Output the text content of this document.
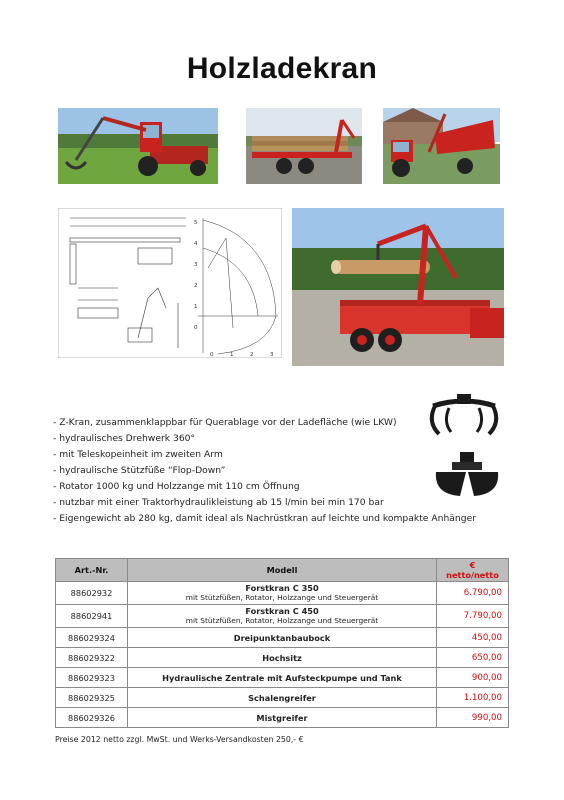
Holzladekran
5
4
3
2
1
0
0	1	2	3
- Z-Kran, zusammenklappbar für Querablage vor der Ladefläche (wie LKW)
- hydraulisches Drehwerk 360°
- mit Teleskopeinheit im zweiten Arm
- hydraulische Stützfüße “Flop-Down”
- Rotator 1000 kg und Holzzange mit 110 cm Öffnung
- nutzbar mit einer Traktorhydraulikleistung ab 15 l/min bei min 170 bar
- Eigengewicht ab 280 kg, damit ideal als Nachrüstkran auf leichte und kompakte Anhänger
Art.-Nr.	Modell	€
netto/netto

88602932	Forstkran C 350
mit Stützfüßen, Rotator, Holzzange und Steuergerät	6.790,00
88602941	Forstkran C 450
mit Stützfüßen, Rotator, Holzzange und Steuergerät	7.790,00
886029324	Dreipunktanbaubock	450,00
886029322	Hochsitz	650,00
886029323	Hydraulische Zentrale mit Aufsteckpumpe und Tank	900,00
886029325	Schalengreifer	1.100,00
886029326	Mistgreifer	990,00
Preise 2012 netto zzgl. MwSt. und Werks-Versandkosten 250,- €
